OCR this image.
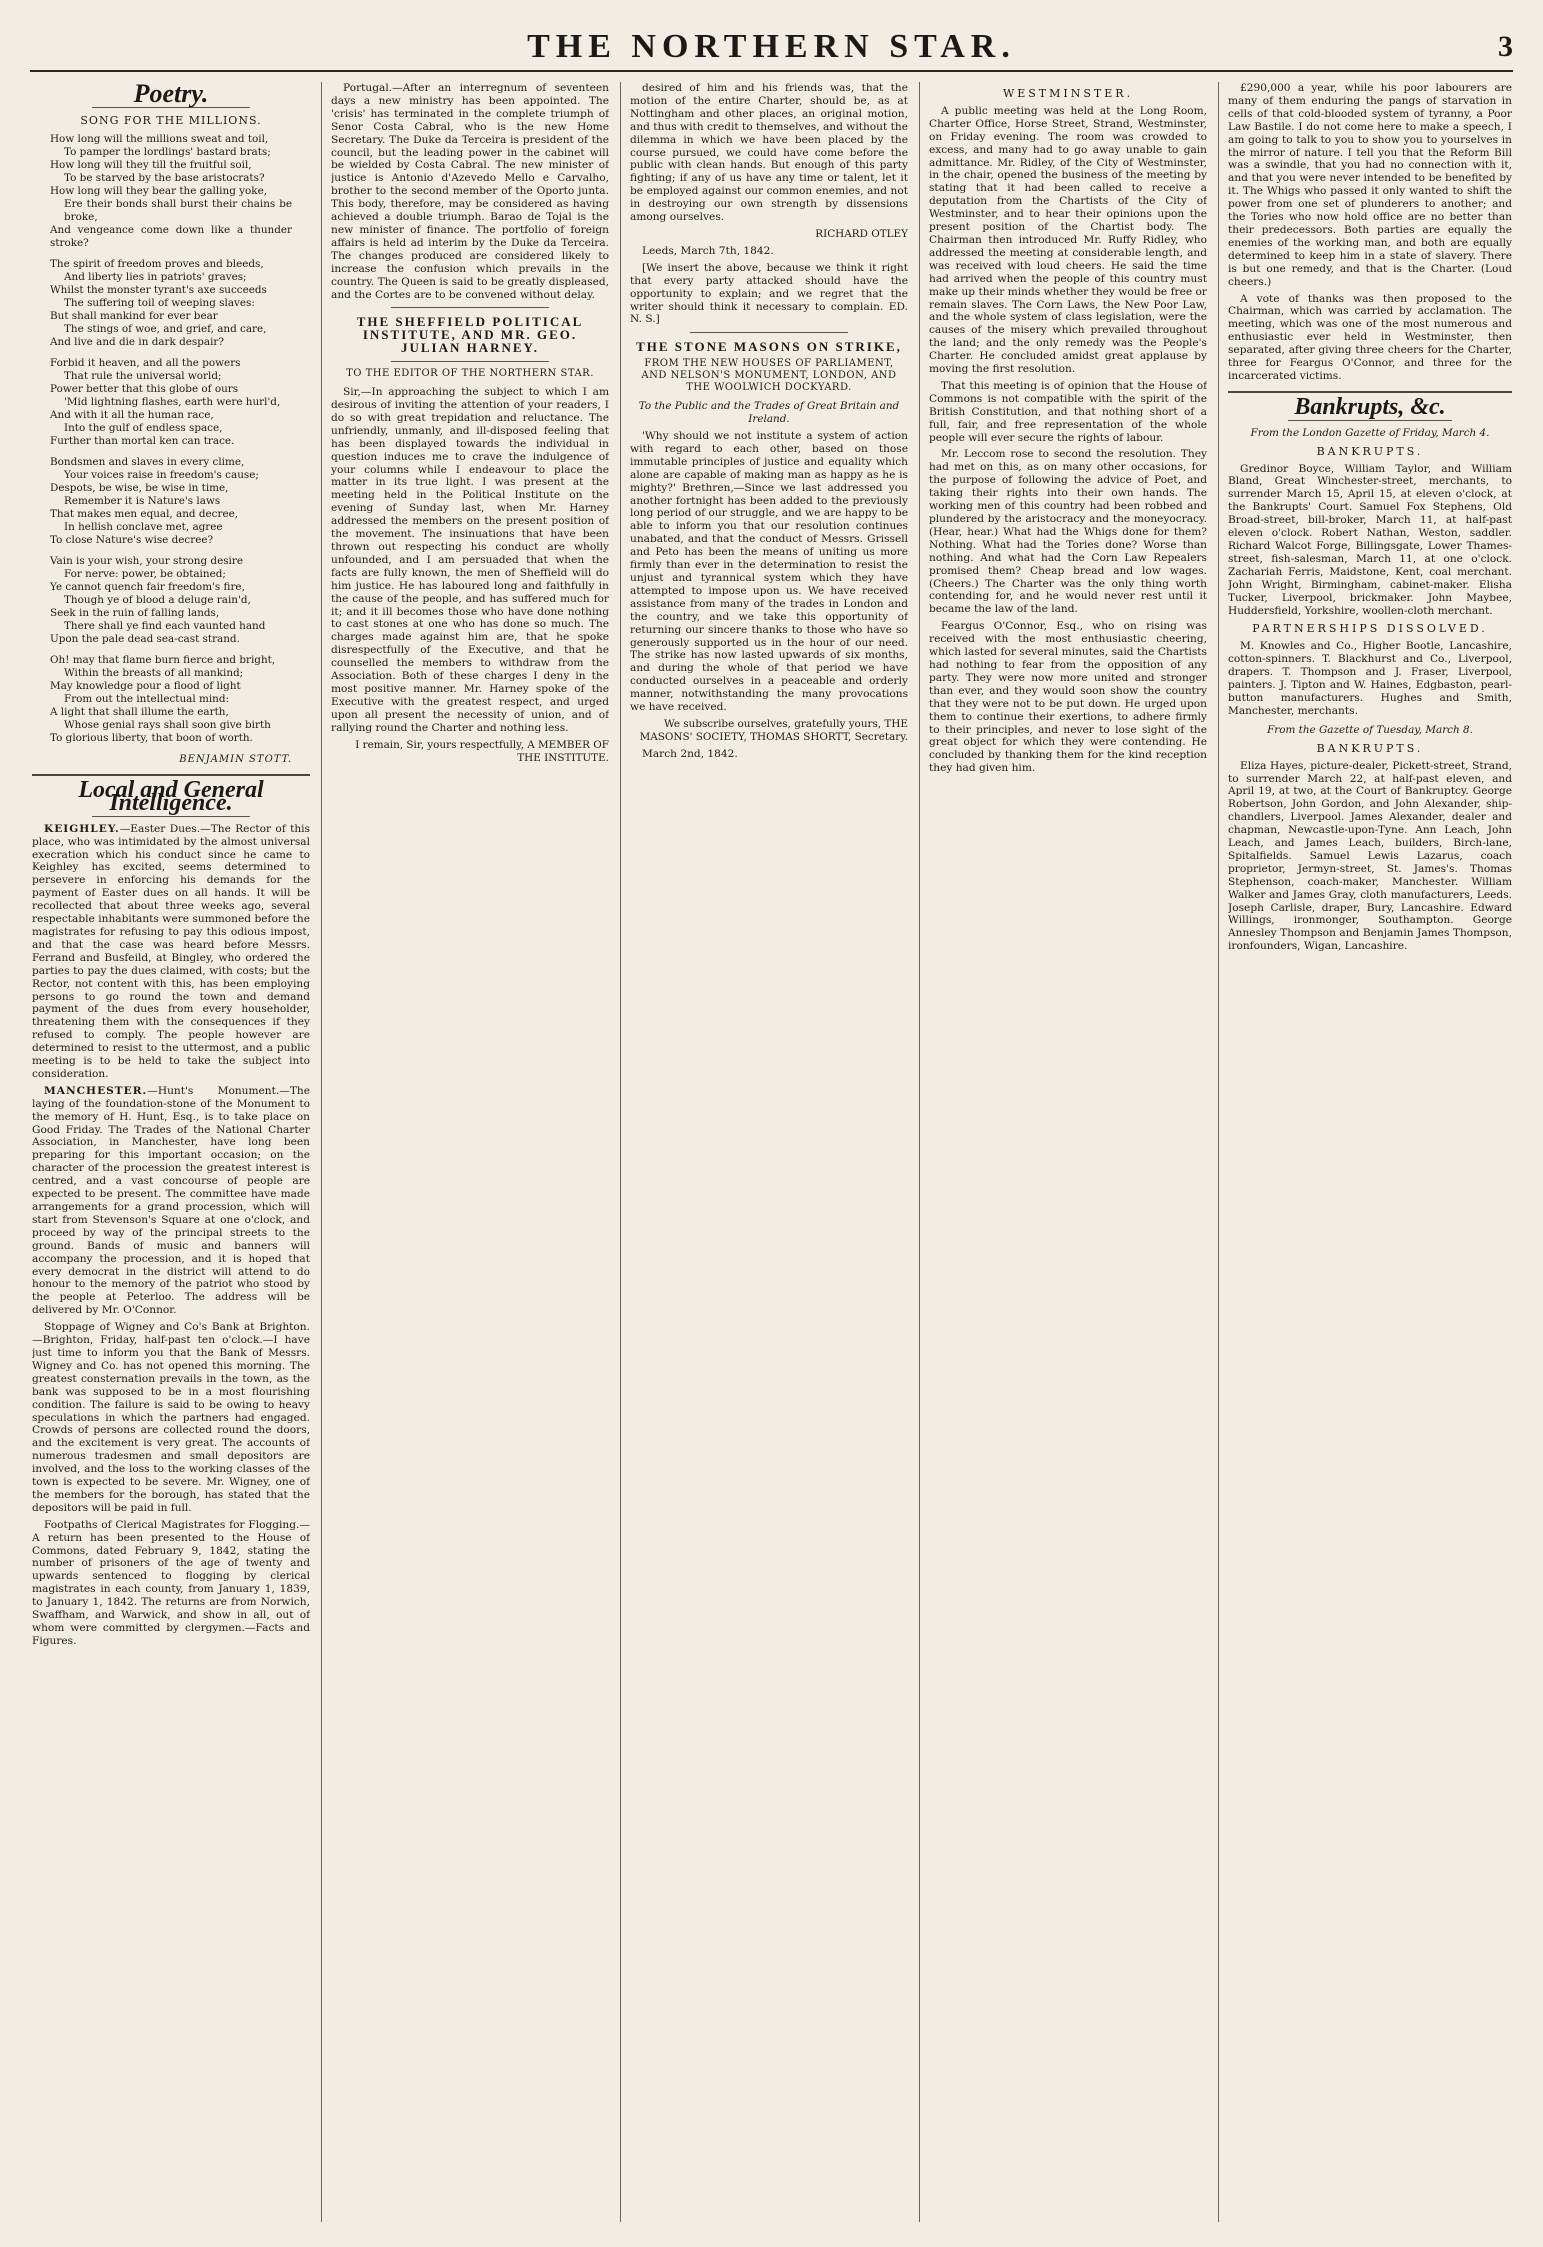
THE NORTHERN STAR.	3
Poetry.
SONG FOR THE MILLIONS.
How long will the millions sweat and toil,
To pamper the lordlings' bastard brats;
How long will they till the fruitful soil,
To be starved by the base aristocrats?
How long will they bear the galling yoke,
Ere their bonds shall burst their chains be broke,
And vengeance come down like a thunder stroke?
The spirit of freedom proves and bleeds,
And liberty lies in patriots' graves;
Whilst the monster tyrant's axe succeeds
The suffering toil of weeping slaves:
But shall mankind for ever bear
The stings of woe, and grief, and care,
And live and die in dark despair?
Forbid it heaven, and all the powers
That rule the universal world;
Power better that this globe of ours
'Mid lightning flashes, earth were hurl'd,
And with it all the human race,
Into the gulf of endless space,
Further than mortal ken can trace.
Bondsmen and slaves in every clime,
Your voices raise in freedom's cause;
Despots, be wise, be wise in time,
Remember it is Nature's laws
That makes men equal, and decree,
In hellish conclave met, agree
To close Nature's wise decree?
Vain is your wish, your strong desire
For nerve: power, be obtained;
Ye cannot quench fair freedom's fire,
Though ye of blood a deluge rain'd,
Seek in the ruin of falling lands,
There shall ye find each vaunted hand
Upon the pale dead sea-cast strand.
Oh! may that flame burn fierce and bright,
Within the breasts of all mankind;
May knowledge pour a flood of light
From out the intellectual mind:
A light that shall illume the earth,
Whose genial rays shall soon give birth
To glorious liberty, that boon of worth.
BENJAMIN STOTT.
Local and General Intelligence.

KEIGHLEY.—Easter Dues.—The Rector of this place, who was intimidated by the almost universal execration which his conduct since he came to Keighley has excited, seems determined to persevere in enforcing his demands for the payment of Easter dues on all hands. It will be recollected that about three weeks ago, several respectable inhabitants were summoned before the magistrates for refusing to pay this odious impost, and that the case was heard before Messrs. Ferrand and Busfeild, at Bingley, who ordered the parties to pay the dues claimed, with costs; but the Rector, not content with this, has been employing persons to go round the town and demand payment of the dues from every householder, threatening them with the consequences if they refused to comply. The people however are determined to resist to the uttermost, and a public meeting is to be held to take the subject into consideration.

MANCHESTER.—Hunt's Monument.—The laying of the foundation-stone of the Monument to the memory of H. Hunt, Esq., is to take place on Good Friday. The Trades of the National Charter Association, in Manchester, have long been preparing for this important occasion; on the character of the procession the greatest interest is centred, and a vast concourse of people are expected to be present. The committee have made arrangements for a grand procession, which will start from Stevenson's Square at one o'clock, and proceed by way of the principal streets to the ground. Bands of music and banners will accompany the procession, and it is hoped that every democrat in the district will attend to do honour to the memory of the patriot who stood by the people at Peterloo. The address will be delivered by Mr. O'Connor.

Stoppage of Wigney and Co's Bank at Brighton.—Brighton, Friday, half-past ten o'clock.—I have just time to inform you that the Bank of Messrs. Wigney and Co. has not opened this morning. The greatest consternation prevails in the town, as the bank was supposed to be in a most flourishing condition. The failure is said to be owing to heavy speculations in which the partners had engaged. Crowds of persons are collected round the doors, and the excitement is very great. The accounts of numerous tradesmen and small depositors are involved, and the loss to the working classes of the town is expected to be severe. Mr. Wigney, one of the members for the borough, has stated that the depositors will be paid in full.

Footpaths of Clerical Magistrates for Flogging.—A return has been presented to the House of Commons, dated February 9, 1842, stating the number of prisoners of the age of twenty and upwards sentenced to flogging by clerical magistrates in each county, from January 1, 1839, to January 1, 1842. The returns are from Norwich, Swaffham, and Warwick, and show in all, out of whom were committed by clergymen.—Facts and Figures.

Portugal.—After an interregnum of seventeen days a new ministry has been appointed. The 'crisis' has terminated in the complete triumph of Senor Costa Cabral, who is the new Home Secretary. The Duke da Terceira is president of the council, but the leading power in the cabinet will be wielded by Costa Cabral. The new minister of justice is Antonio d'Azevedo Mello e Carvalho, brother to the second member of the Oporto junta. This body, therefore, may be considered as having achieved a double triumph. Barao de Tojal is the new minister of finance. The portfolio of foreign affairs is held ad interim by the Duke da Terceira. The changes produced are considered likely to increase the confusion which prevails in the country. The Queen is said to be greatly displeased, and the Cortes are to be convened without delay.

THE SHEFFIELD POLITICAL INSTITUTE, AND MR. GEO. JULIAN HARNEY.
TO THE EDITOR OF THE NORTHERN STAR.

Sir,—In approaching the subject to which I am desirous of inviting the attention of your readers, I do so with great trepidation and reluctance. The unfriendly, unmanly, and ill-disposed feeling that has been displayed towards the individual in question induces me to crave the indulgence of your columns while I endeavour to place the matter in its true light. I was present at the meeting held in the Political Institute on the evening of Sunday last, when Mr. Harney addressed the members on the present position of the movement. The insinuations that have been thrown out respecting his conduct are wholly unfounded, and I am persuaded that when the facts are fully known, the men of Sheffield will do him justice. He has laboured long and faithfully in the cause of the people, and has suffered much for it; and it ill becomes those who have done nothing to cast stones at one who has done so much. The charges made against him are, that he spoke disrespectfully of the Executive, and that he counselled the members to withdraw from the Association. Both of these charges I deny in the most positive manner. Mr. Harney spoke of the Executive with the greatest respect, and urged upon all present the necessity of union, and of rallying round the Charter and nothing less.

I remain, Sir, yours respectfully, A MEMBER OF THE INSTITUTE.

desired of him and his friends was, that the motion of the entire Charter, should be, as at Nottingham and other places, an original motion, and thus with credit to themselves, and without the dilemma in which we have been placed by the course pursued, we could have come before the public with clean hands. But enough of this party fighting; if any of us have any time or talent, let it be employed against our common enemies, and not in destroying our own strength by dissensions among ourselves.

RICHARD OTLEY

Leeds, March 7th, 1842.

[We insert the above, because we think it right that every party attacked should have the opportunity to explain; and we regret that the writer should think it necessary to complain. ED. N. S.]

THE STONE MASONS ON STRIKE,
FROM THE NEW HOUSES OF PARLIAMENT, AND NELSON'S MONUMENT, LONDON, AND THE WOOLWICH DOCKYARD.
To the Public and the Trades of Great Britain and Ireland.

'Why should we not institute a system of action with regard to each other, based on those immutable principles of justice and equality which alone are capable of making man as happy as he is mighty?' Brethren,—Since we last addressed you another fortnight has been added to the previously long period of our struggle, and we are happy to be able to inform you that our resolution continues unabated, and that the conduct of Messrs. Grissell and Peto has been the means of uniting us more firmly than ever in the determination to resist the unjust and tyrannical system which they have attempted to impose upon us. We have received assistance from many of the trades in London and the country, and we take this opportunity of returning our sincere thanks to those who have so generously supported us in the hour of our need. The strike has now lasted upwards of six months, and during the whole of that period we have conducted ourselves in a peaceable and orderly manner, notwithstanding the many provocations we have received.

We subscribe ourselves, gratefully yours, THE MASONS' SOCIETY, THOMAS SHORTT, Secretary.

March 2nd, 1842.

WESTMINSTER.

A public meeting was held at the Long Room, Charter Office, Horse Street, Strand, Westminster, on Friday evening. The room was crowded to excess, and many had to go away unable to gain admittance. Mr. Ridley, of the City of Westminster, in the chair, opened the business of the meeting by stating that it had been called to receive a deputation from the Chartists of the City of Westminster, and to hear their opinions upon the present position of the Chartist body. The Chairman then introduced Mr. Ruffy Ridley, who addressed the meeting at considerable length, and was received with loud cheers. He said the time had arrived when the people of this country must make up their minds whether they would be free or remain slaves. The Corn Laws, the New Poor Law, and the whole system of class legislation, were the causes of the misery which prevailed throughout the land; and the only remedy was the People's Charter. He concluded amidst great applause by moving the first resolution.

That this meeting is of opinion that the House of Commons is not compatible with the spirit of the British Constitution, and that nothing short of a full, fair, and free representation of the whole people will ever secure the rights of labour.

Mr. Leccom rose to second the resolution. They had met on this, as on many other occasions, for the purpose of following the advice of Poet, and taking their rights into their own hands. The working men of this country had been robbed and plundered by the aristocracy and the moneyocracy. (Hear, hear.) What had the Whigs done for them? Nothing. What had the Tories done? Worse than nothing. And what had the Corn Law Repealers promised them? Cheap bread and low wages. (Cheers.) The Charter was the only thing worth contending for, and he would never rest until it became the law of the land.

Feargus O'Connor, Esq., who on rising was received with the most enthusiastic cheering, which lasted for several minutes, said the Chartists had nothing to fear from the opposition of any party. They were now more united and stronger than ever, and they would soon show the country that they were not to be put down. He urged upon them to continue their exertions, to adhere firmly to their principles, and never to lose sight of the great object for which they were contending. He concluded by thanking them for the kind reception they had given him.

£290,000 a year, while his poor labourers are many of them enduring the pangs of starvation in cells of that cold-blooded system of tyranny, a Poor Law Bastile. I do not come here to make a speech, I am going to talk to you to show you to yourselves in the mirror of nature. I tell you that the Reform Bill was a swindle, that you had no connection with it, and that you were never intended to be benefited by it. The Whigs who passed it only wanted to shift the power from one set of plunderers to another; and the Tories who now hold office are no better than their predecessors. Both parties are equally the enemies of the working man, and both are equally determined to keep him in a state of slavery. There is but one remedy, and that is the Charter. (Loud cheers.)

A vote of thanks was then proposed to the Chairman, which was carried by acclamation. The meeting, which was one of the most numerous and enthusiastic ever held in Westminster, then separated, after giving three cheers for the Charter, three for Feargus O'Connor, and three for the incarcerated victims.

Bankrupts, &c.
From the London Gazette of Friday, March 4.
BANKRUPTS.

Gredinor Boyce, William Taylor, and William Bland, Great Winchester-street, merchants, to surrender March 15, April 15, at eleven o'clock, at the Bankrupts' Court. Samuel Fox Stephens, Old Broad-street, bill-broker, March 11, at half-past eleven o'clock. Robert Nathan, Weston, saddler. Richard Walcot Forge, Billingsgate, Lower Thames-street, fish-salesman, March 11, at one o'clock. Zachariah Ferris, Maidstone, Kent, coal merchant. John Wright, Birmingham, cabinet-maker. Elisha Tucker, Liverpool, brickmaker. John Maybee, Huddersfield, Yorkshire, woollen-cloth merchant.

PARTNERSHIPS DISSOLVED.

M. Knowles and Co., Higher Bootle, Lancashire, cotton-spinners. T. Blackhurst and Co., Liverpool, drapers. T. Thompson and J. Fraser, Liverpool, painters. J. Tipton and W. Haines, Edgbaston, pearl-button manufacturers. Hughes and Smith, Manchester, merchants.

From the Gazette of Tuesday, March 8.
BANKRUPTS.

Eliza Hayes, picture-dealer, Pickett-street, Strand, to surrender March 22, at half-past eleven, and April 19, at two, at the Court of Bankruptcy. George Robertson, John Gordon, and John Alexander, ship-chandlers, Liverpool. James Alexander, dealer and chapman, Newcastle-upon-Tyne. Ann Leach, John Leach, and James Leach, builders, Birch-lane, Spitalfields. Samuel Lewis Lazarus, coach proprietor, Jermyn-street, St. James's. Thomas Stephenson, coach-maker, Manchester. William Walker and James Gray, cloth manufacturers, Leeds. Joseph Carlisle, draper, Bury, Lancashire. Edward Willings, ironmonger, Southampton. George Annesley Thompson and Benjamin James Thompson, ironfounders, Wigan, Lancashire.
